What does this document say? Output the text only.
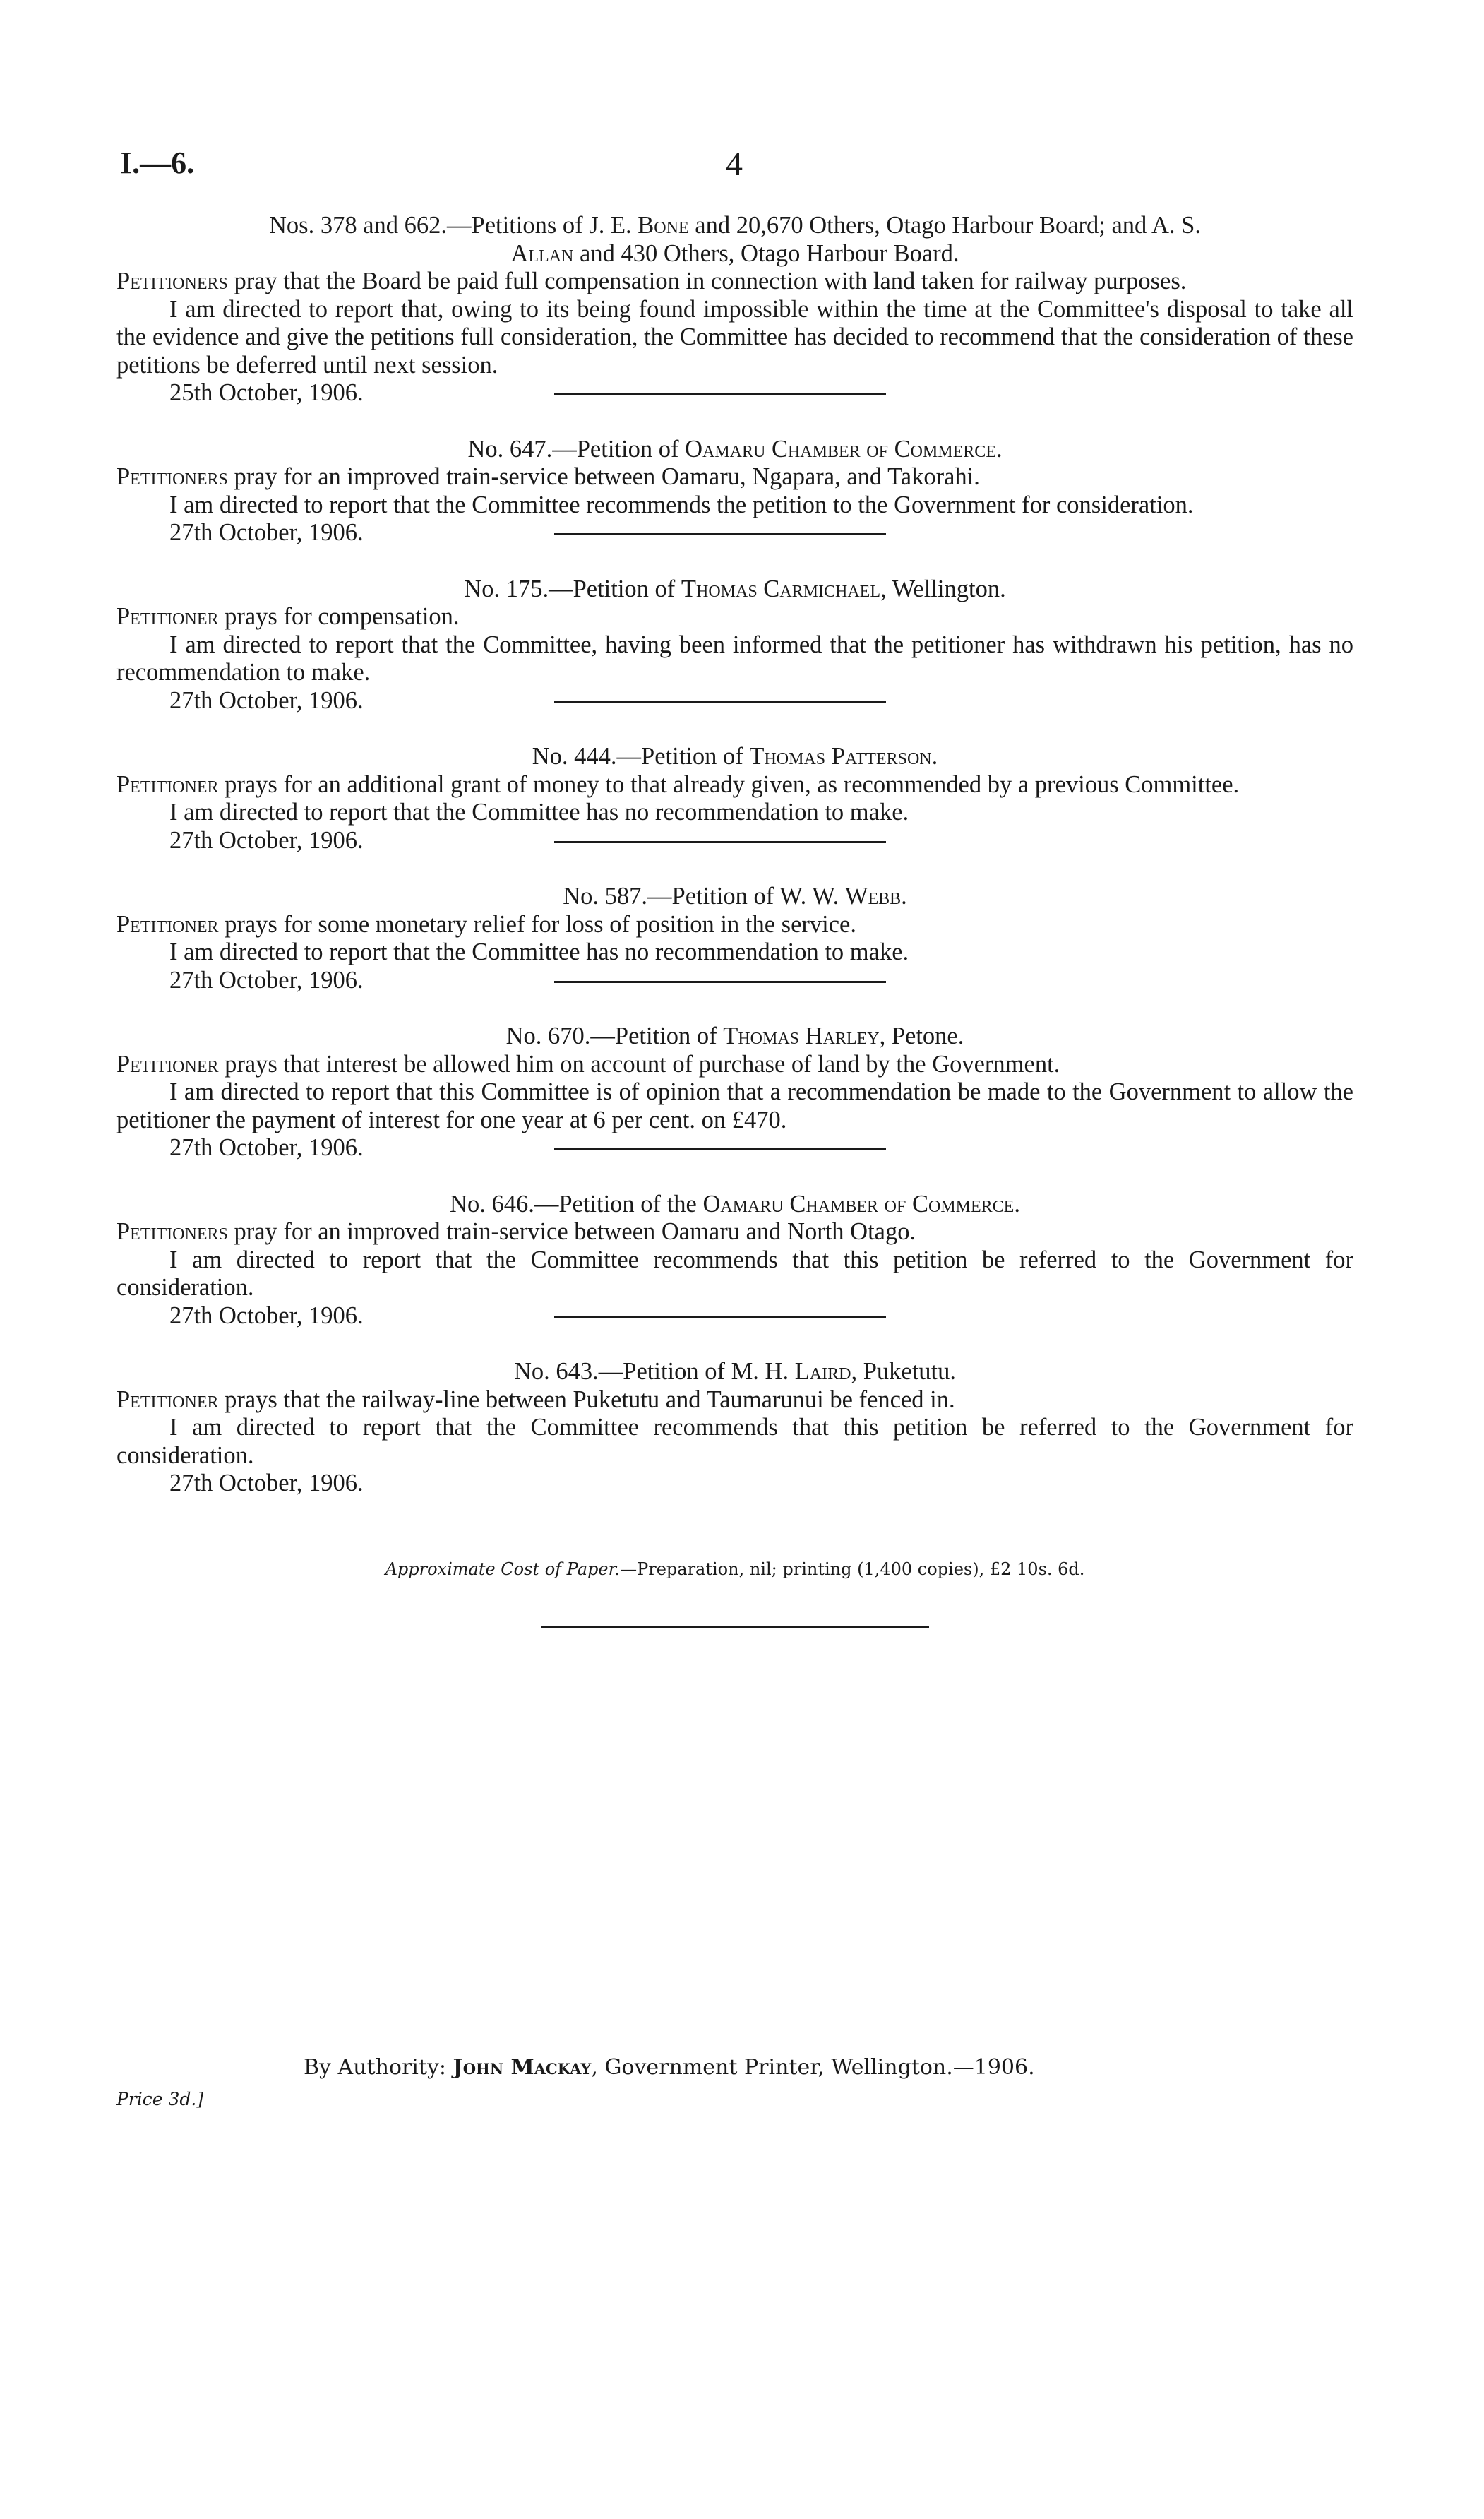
I.—6.	4

Nos. 378 and 662.—Petitions of J. E. Bone and 20,670 Others, Otago Harbour Board; and A. S.
Allan and 430 Others, Otago Harbour Board.

Petitioners pray that the Board be paid full compensation in connection with land taken for railway purposes.

I am directed to report that, owing to its being found impossible within the time at the Committee's disposal to take all the evidence and give the petitions full consideration, the Committee has decided to recommend that the consideration of these petitions be deferred until next session.

25th October, 1906.

No. 647.—Petition of Oamaru Chamber of Commerce.

Petitioners pray for an improved train-service between Oamaru, Ngapara, and Takorahi.

I am directed to report that the Committee recommends the petition to the Government for consideration.

27th October, 1906.

No. 175.—Petition of Thomas Carmichael, Wellington.

Petitioner prays for compensation.

I am directed to report that the Committee, having been informed that the petitioner has withdrawn his petition, has no recommendation to make.

27th October, 1906.

No. 444.—Petition of Thomas Patterson.

Petitioner prays for an additional grant of money to that already given, as recommended by a previous Committee.

I am directed to report that the Committee has no recommendation to make.

27th October, 1906.

No. 587.—Petition of W. W. Webb.

Petitioner prays for some monetary relief for loss of position in the service.

I am directed to report that the Committee has no recommendation to make.

27th October, 1906.

No. 670.—Petition of Thomas Harley, Petone.

Petitioner prays that interest be allowed him on account of purchase of land by the Government.

I am directed to report that this Committee is of opinion that a recommendation be made to the Government to allow the petitioner the payment of interest for one year at 6 per cent. on £470.

27th October, 1906.

No. 646.—Petition of the Oamaru Chamber of Commerce.

Petitioners pray for an improved train-service between Oamaru and North Otago.

I am directed to report that the Committee recommends that this petition be referred to the Government for consideration.

27th October, 1906.

No. 643.—Petition of M. H. Laird, Puketutu.

Petitioner prays that the railway-line between Puketutu and Taumarunui be fenced in.

I am directed to report that the Committee recommends that this petition be referred to the Government for consideration.

27th October, 1906.

Approximate Cost of Paper.—Preparation, nil; printing (1,400 copies), £2 10s. 6d.

By Authority: John Mackay, Government Printer, Wellington.—1906.
Price 3d.]
